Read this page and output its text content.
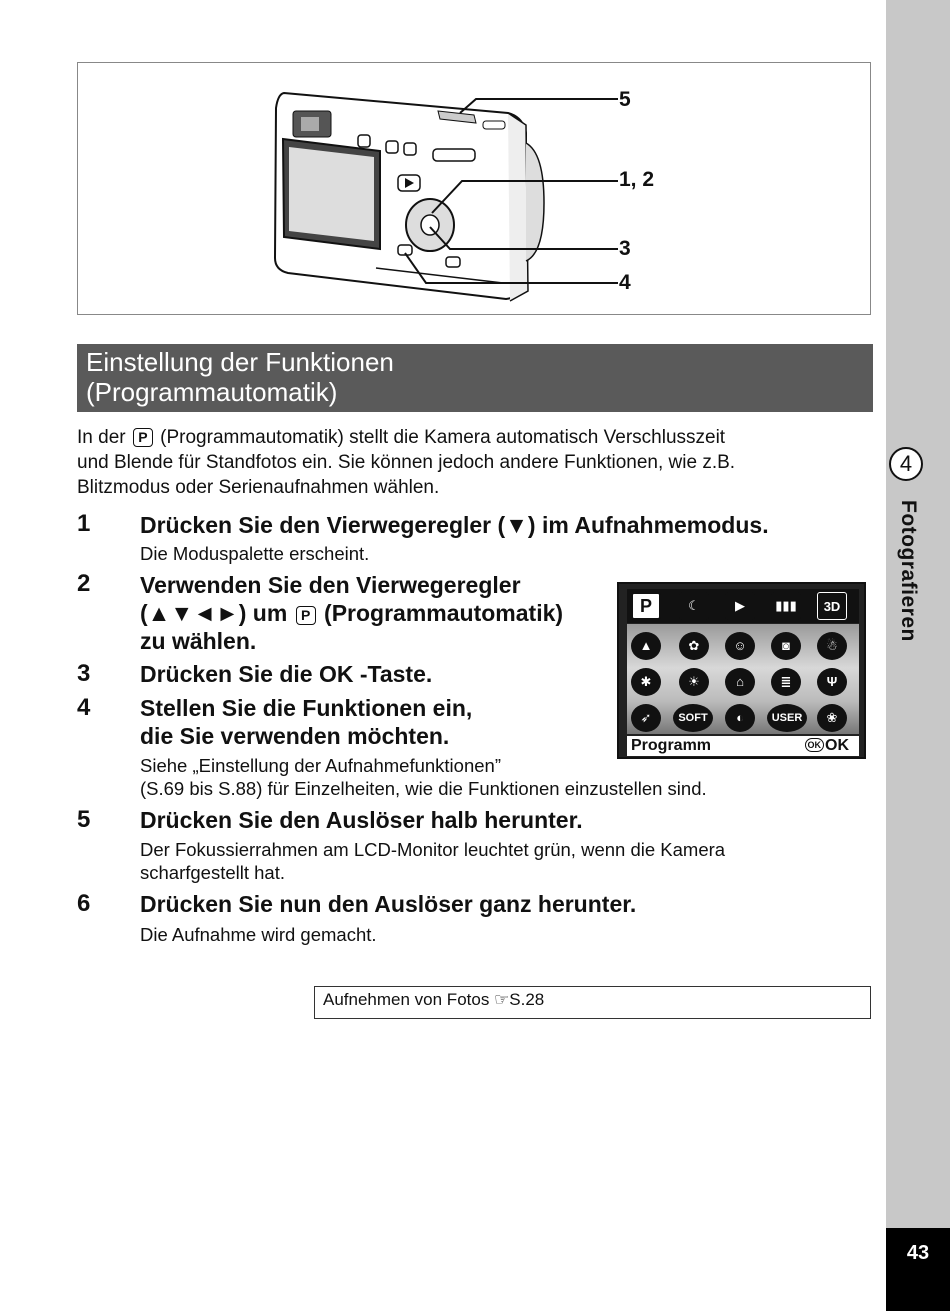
4
Fotografieren
43
5
1, 2
3
4
Einstellung der Funktionen
(Programmautomatik)
In der P (Programmautomatik) stellt die Kamera automatisch Verschlusszeit
und Blende für Standfotos ein. Sie können jedoch andere Funktionen, wie z.B.
Blitzmodus oder Serienaufnahmen wählen.
1 Drücken Sie den Vierwegeregler (▼) im Aufnahmemodus.
Die Moduspalette erscheint.
2 Verwenden Sie den Vierwegeregler
(▲▼◄►) um P (Programmautomatik)
zu wählen.
3 Drücken Sie die OK -Taste.
4 Stellen Sie die Funktionen ein,
die Sie verwenden möchten.
Siehe „Einstellung der Aufnahmefunktionen”
(S.69 bis S.88) für Einzelheiten, wie die Funktionen einzustellen sind.
5 Drücken Sie den Auslöser halb herunter.
Der Fokussierrahmen am LCD-Monitor leuchtet grün, wenn die Kamera
scharfgestellt hat.
6 Drücken Sie nun den Auslöser ganz herunter.
Die Aufnahme wird gemacht.
P	☾	▶	▮▮▮	3D
▲	✿	☺	◙	☃
✱	☀	⌂	≣	Ψ
➶	SOFT	◐	USER	❀
Programm	OK OK
Aufnehmen von Fotos ☞S.28
